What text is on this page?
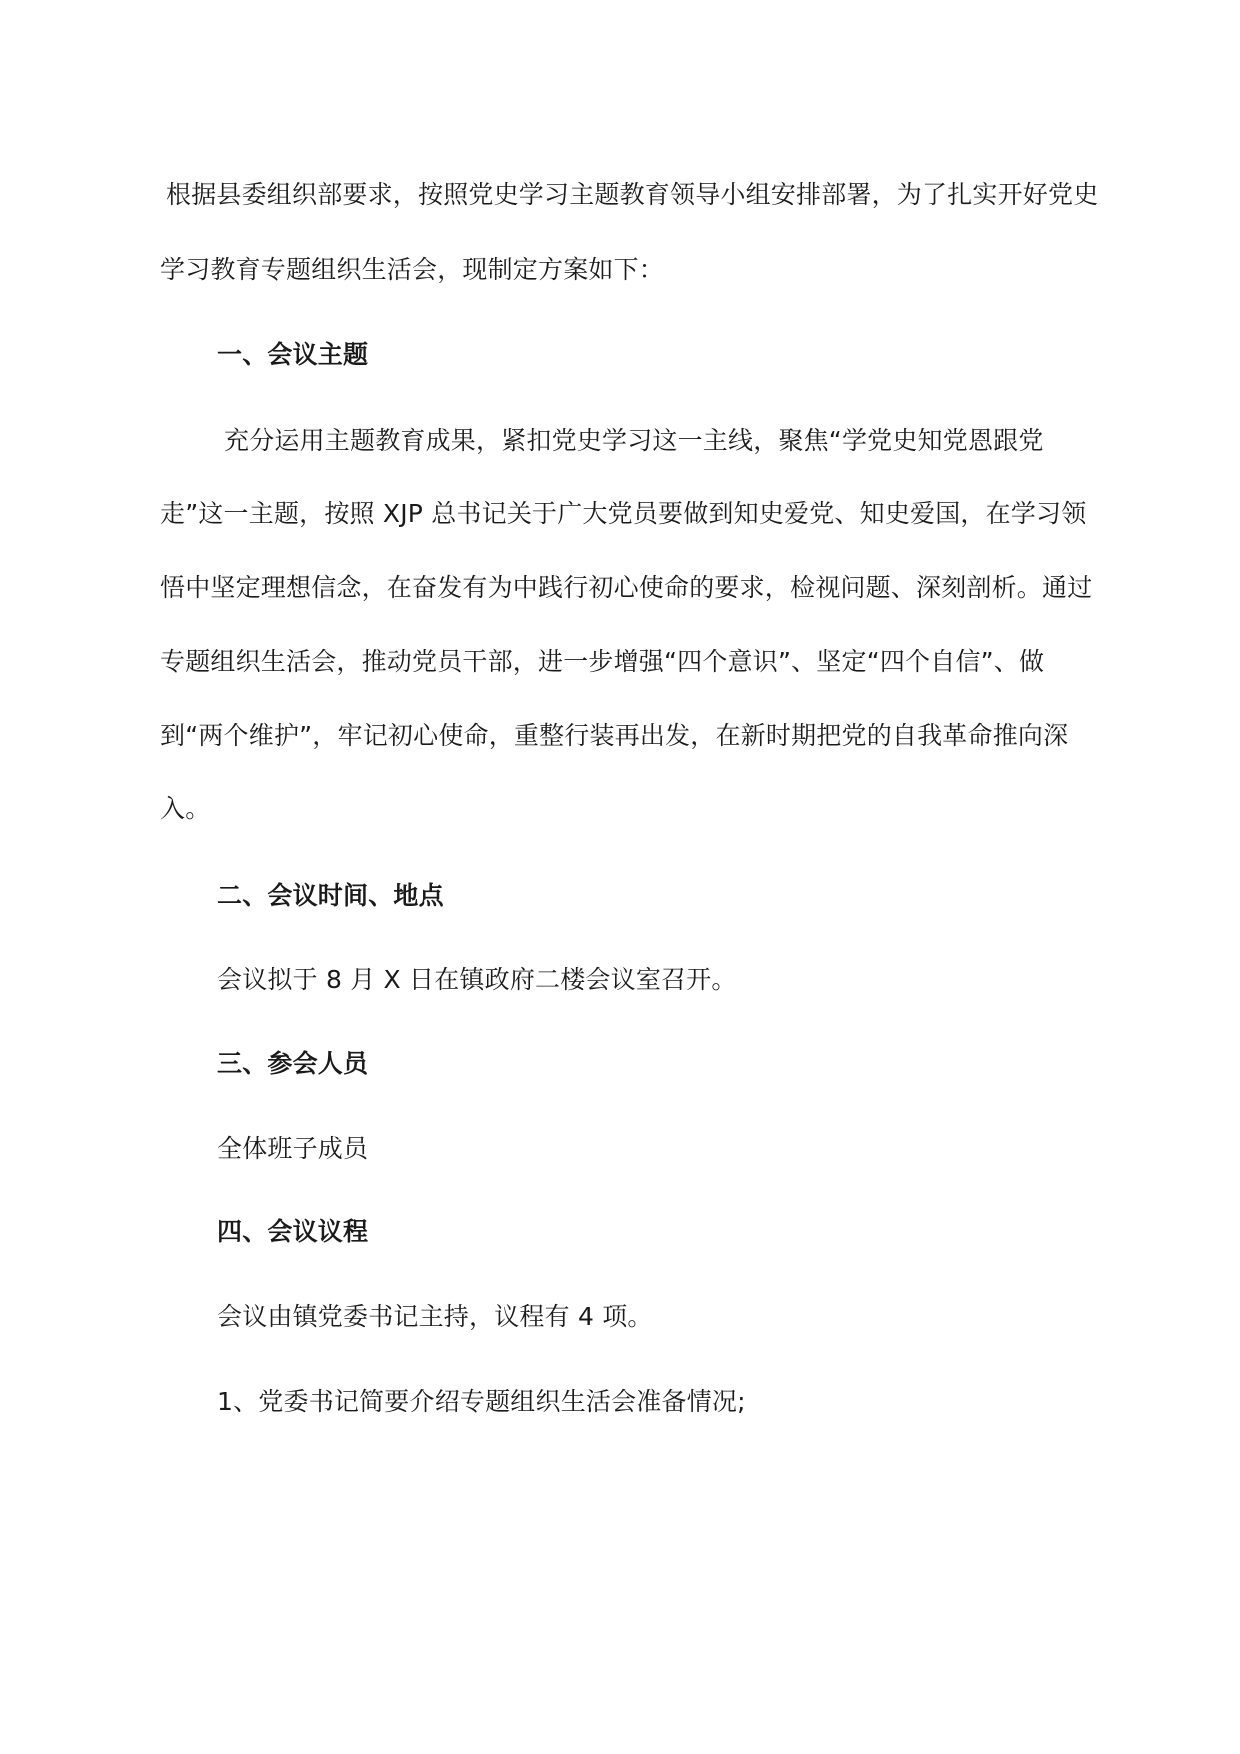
根据县委组织部要求，按照党史学习主题教育领导小组安排部署，为了扎实开好党史
学习教育专题组织生活会，现制定方案如下：
一、会议主题
充分运用主题教育成果，紧扣党史学习这一主线，聚焦“学党史知党恩跟党
走”这一主题，按照 XJP 总书记关于广大党员要做到知史爱党、知史爱国，在学习领
悟中坚定理想信念，在奋发有为中践行初心使命的要求，检视问题、深刻剖析。通过
专题组织生活会，推动党员干部，进一步增强“四个意识”、坚定“四个自信”、做
到“两个维护”，牢记初心使命，重整行装再出发，在新时期把党的自我革命推向深
入。
二、会议时间、地点
会议拟于 8 月 X 日在镇政府二楼会议室召开。
三、参会人员
全体班子成员
四、会议议程
会议由镇党委书记主持，议程有 4 项。
1、党委书记简要介绍专题组织生活会准备情况;
